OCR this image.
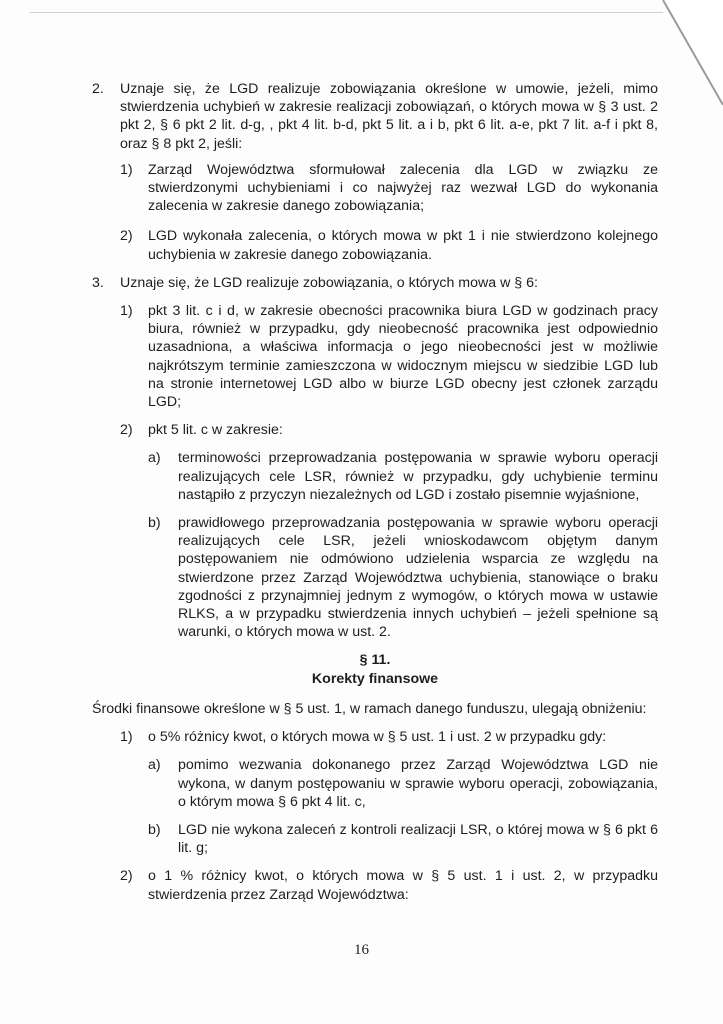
2. Uznaje się, że LGD realizuje zobowiązania określone w umowie, jeżeli, mimo stwierdzenia uchybień w zakresie realizacji zobowiązań, o których mowa w § 3 ust. 2 pkt 2, § 6 pkt 2 lit. d-g, , pkt 4 lit. b-d, pkt 5 lit. a i b, pkt 6 lit. a-e, pkt 7 lit. a-f i pkt 8, oraz § 8 pkt 2, jeśli:
1) Zarząd Województwa sformułował zalecenia dla LGD w związku ze stwierdzonymi uchybieniami i co najwyżej raz wezwał LGD do wykonania zalecenia w zakresie danego zobowiązania;
2) LGD wykonała zalecenia, o których mowa w pkt 1 i nie stwierdzono kolejnego uchybienia w zakresie danego zobowiązania.
3. Uznaje się, że LGD realizuje zobowiązania, o których mowa w § 6:
1) pkt 3 lit. c i d, w zakresie obecności pracownika biura LGD w godzinach pracy biura, również w przypadku, gdy nieobecność pracownika jest odpowiednio uzasadniona, a właściwa informacja o jego nieobecności jest w możliwie najkrótszym terminie zamieszczona w widocznym miejscu w siedzibie LGD lub na stronie internetowej LGD albo w biurze LGD obecny jest członek zarządu LGD;
2) pkt 5 lit. c w zakresie:
a) terminowości przeprowadzania postępowania w sprawie wyboru operacji realizujących cele LSR, również w przypadku, gdy uchybienie terminu nastąpiło z przyczyn niezależnych od LGD i zostało pisemnie wyjaśnione,
b) prawidłowego przeprowadzania postępowania w sprawie wyboru operacji realizujących cele LSR, jeżeli wnioskodawcom objętym danym postępowaniem nie odmówiono udzielenia wsparcia ze względu na stwierdzone przez Zarząd Województwa uchybienia, stanowiące o braku zgodności z przynajmniej jednym z wymogów, o których mowa w ustawie RLKS, a w przypadku stwierdzenia innych uchybień – jeżeli spełnione są warunki, o których mowa w ust. 2.
§ 11.
Korekty finansowe
Środki finansowe określone w § 5 ust. 1, w ramach danego funduszu, ulegają obniżeniu:
1) o 5% różnicy kwot, o których mowa w § 5 ust. 1 i ust. 2 w przypadku gdy:
a) pomimo wezwania dokonanego przez Zarząd Województwa LGD nie wykona, w danym postępowaniu w sprawie wyboru operacji, zobowiązania, o którym mowa § 6 pkt 4 lit. c,
b) LGD nie wykona zaleceń z kontroli realizacji LSR, o której mowa w § 6 pkt 6 lit. g;
2) o 1 % różnicy kwot, o których mowa w § 5 ust. 1 i ust. 2, w przypadku stwierdzenia przez Zarząd Województwa:
16
